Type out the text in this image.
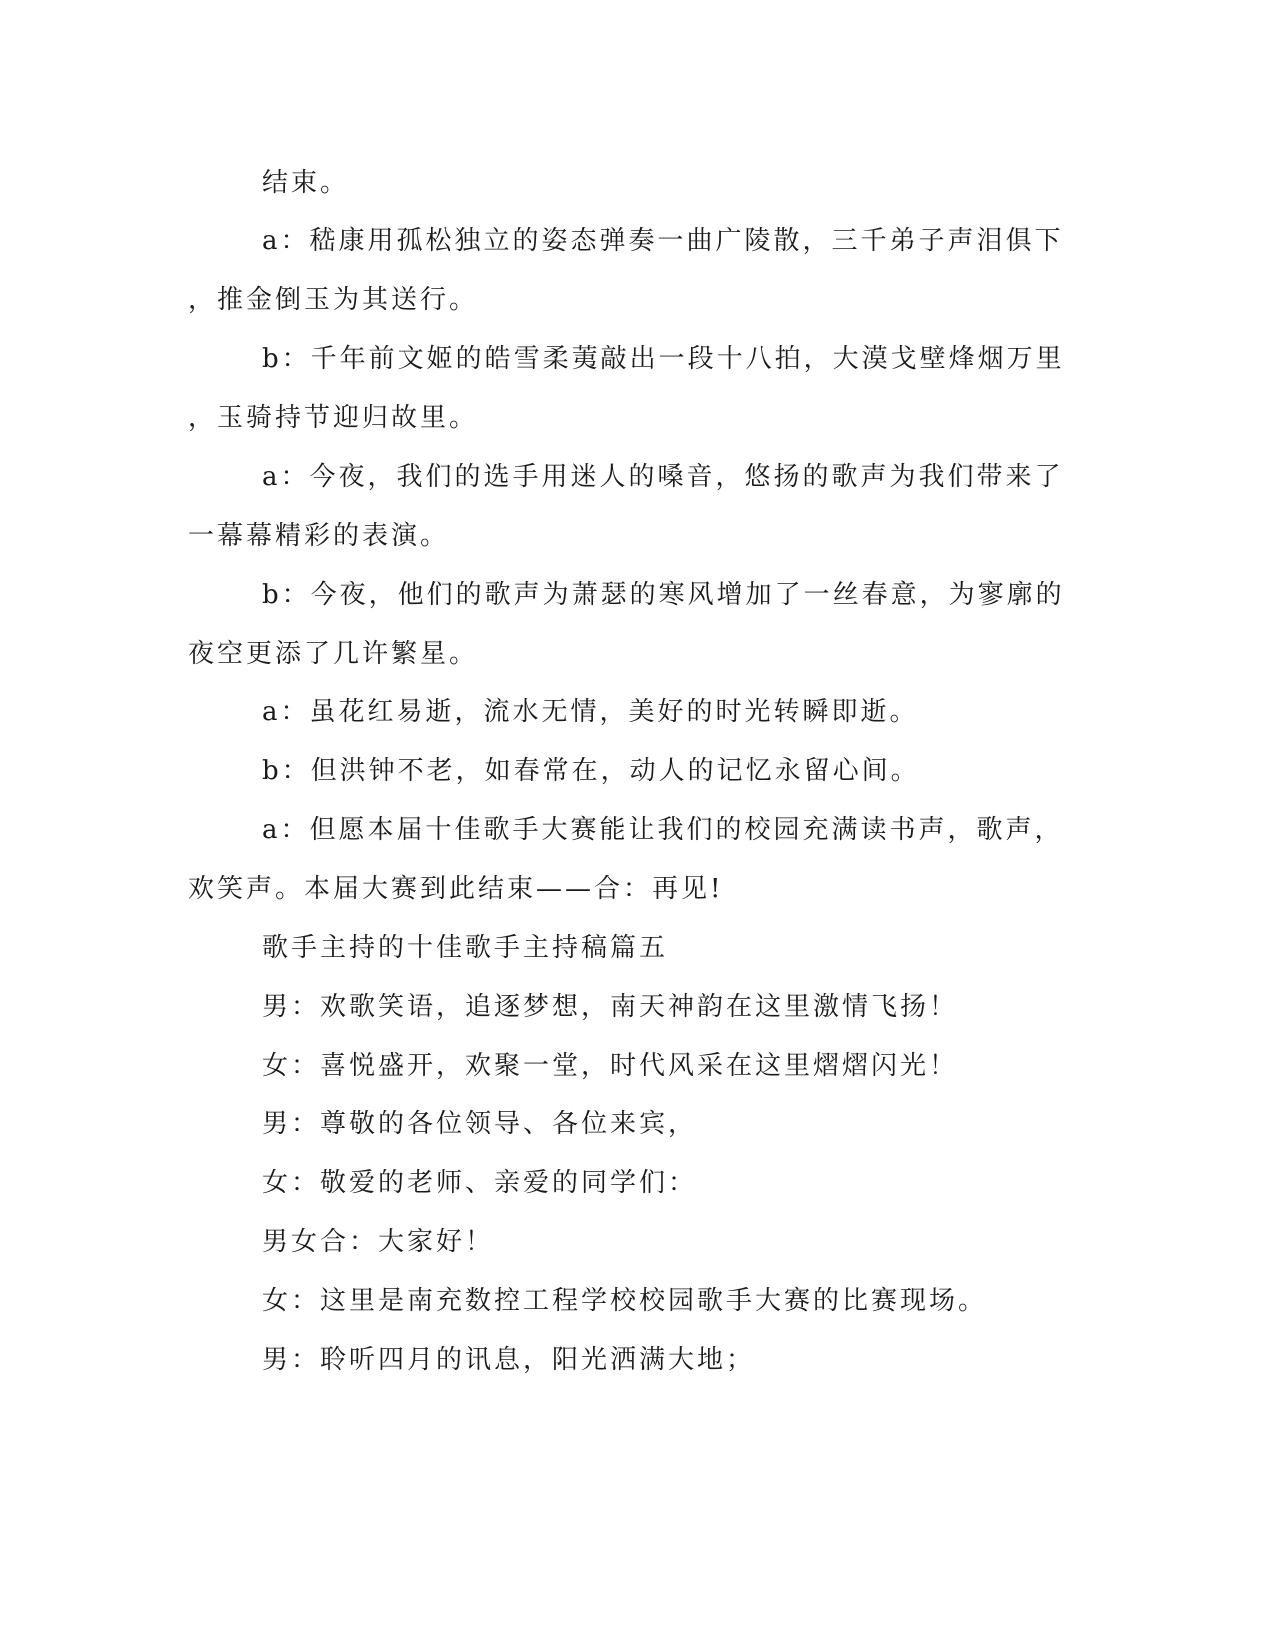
结束。
a：嵇康用孤松独立的姿态弹奏一曲广陵散，三千弟子声泪俱下
，推金倒玉为其送行。
b：千年前文姬的皓雪柔荑敲出一段十八拍，大漠戈壁烽烟万里
，玉骑持节迎归故里。
a：今夜，我们的选手用迷人的嗓音，悠扬的歌声为我们带来了
一幕幕精彩的表演。
b：今夜，他们的歌声为萧瑟的寒风增加了一丝春意，为寥廓的
夜空更添了几许繁星。
a：虽花红易逝，流水无情，美好的时光转瞬即逝。
b：但洪钟不老，如春常在，动人的记忆永留心间。
a：但愿本届十佳歌手大赛能让我们的校园充满读书声，歌声，
欢笑声。本届大赛到此结束——合：再见!
歌手主持的十佳歌手主持稿篇五
男：欢歌笑语，追逐梦想，南天神韵在这里激情飞扬！
女：喜悦盛开，欢聚一堂，时代风采在这里熠熠闪光！
男：尊敬的各位领导、各位来宾，
女：敬爱的老师、亲爱的同学们：
男女合：大家好！
女：这里是南充数控工程学校校园歌手大赛的比赛现场。
男：聆听四月的讯息，阳光洒满大地；
